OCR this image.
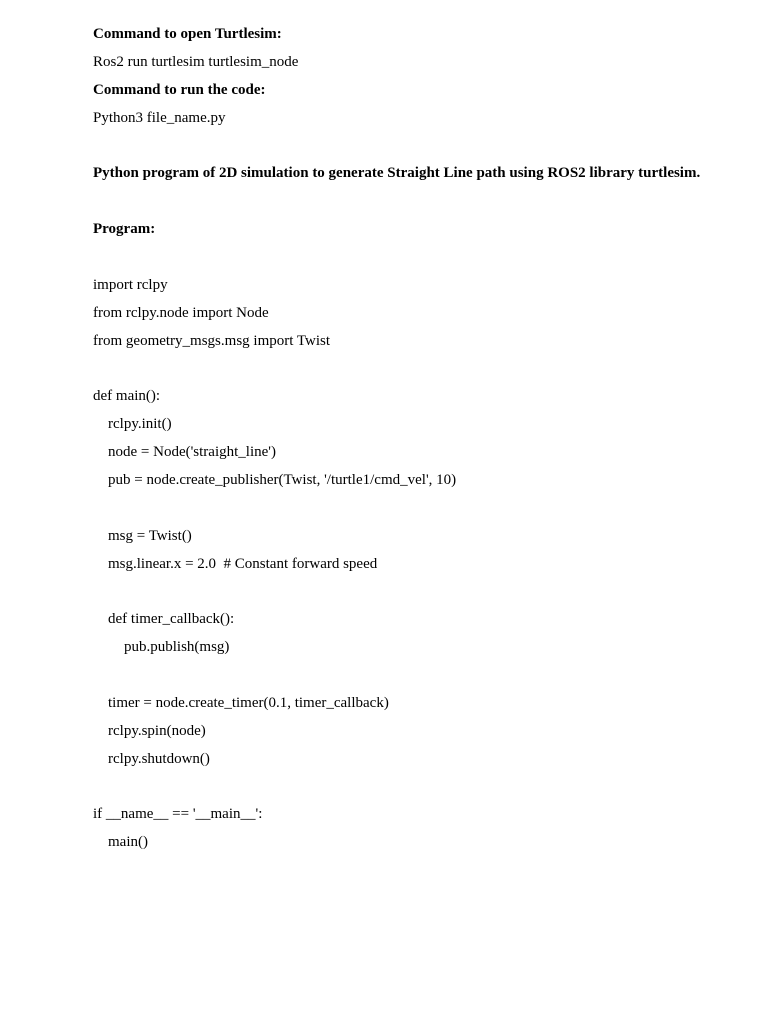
Command to open Turtlesim:
Ros2 run turtlesim turtlesim_node
Command to run the code:
Python3 file_name.py
Python program of 2D simulation to generate Straight Line path using ROS2 library turtlesim.
Program:
import rclpy
from rclpy.node import Node
from geometry_msgs.msg import Twist
def main():
rclpy.init()
node = Node('straight_line')
pub = node.create_publisher(Twist, '/turtle1/cmd_vel', 10)
msg = Twist()
msg.linear.x = 2.0  # Constant forward speed
def timer_callback():
pub.publish(msg)
timer = node.create_timer(0.1, timer_callback)
rclpy.spin(node)
rclpy.shutdown()
if __name__ == '__main__':
main()
